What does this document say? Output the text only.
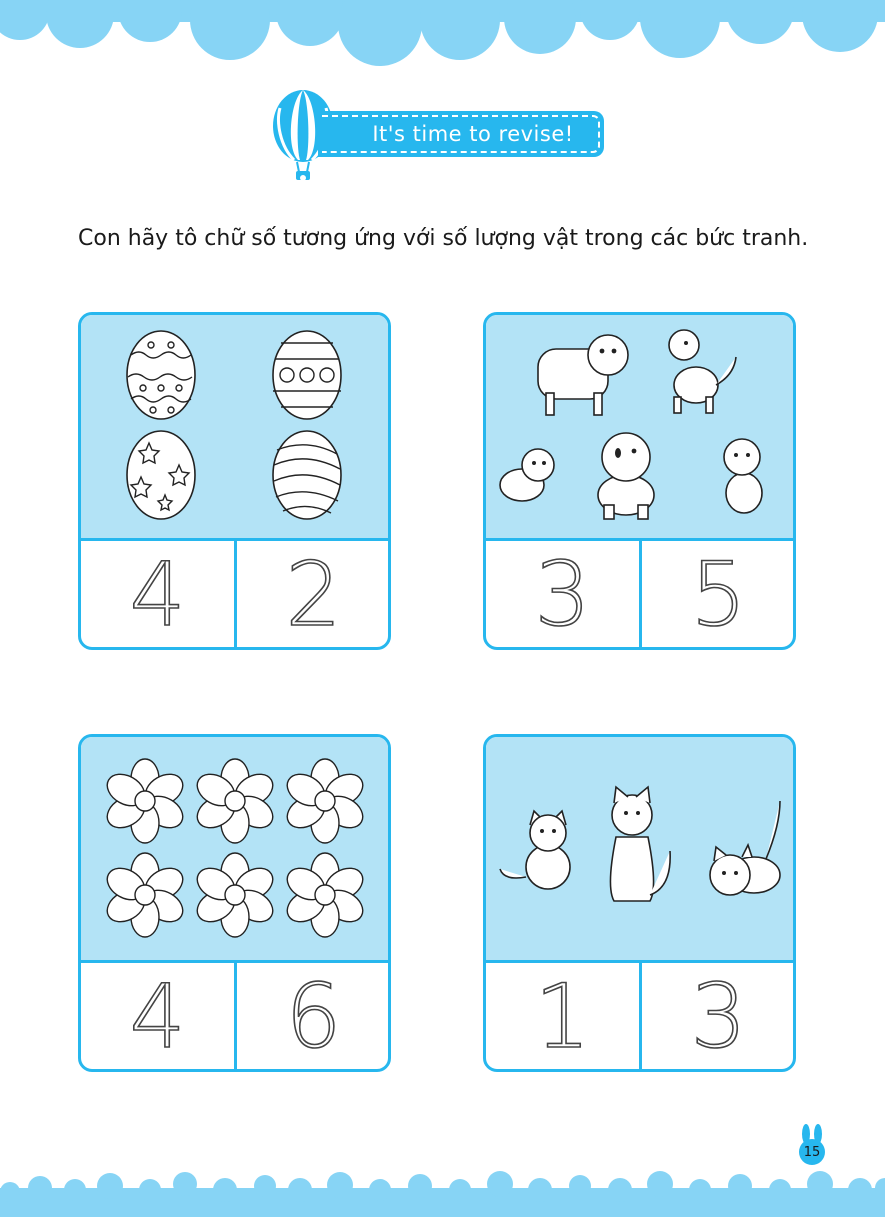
It's time to revise!
Con hãy tô chữ số tương ứng với số lượng vật trong các bức tranh.
4	2	3	5
4	6	1	3
15
